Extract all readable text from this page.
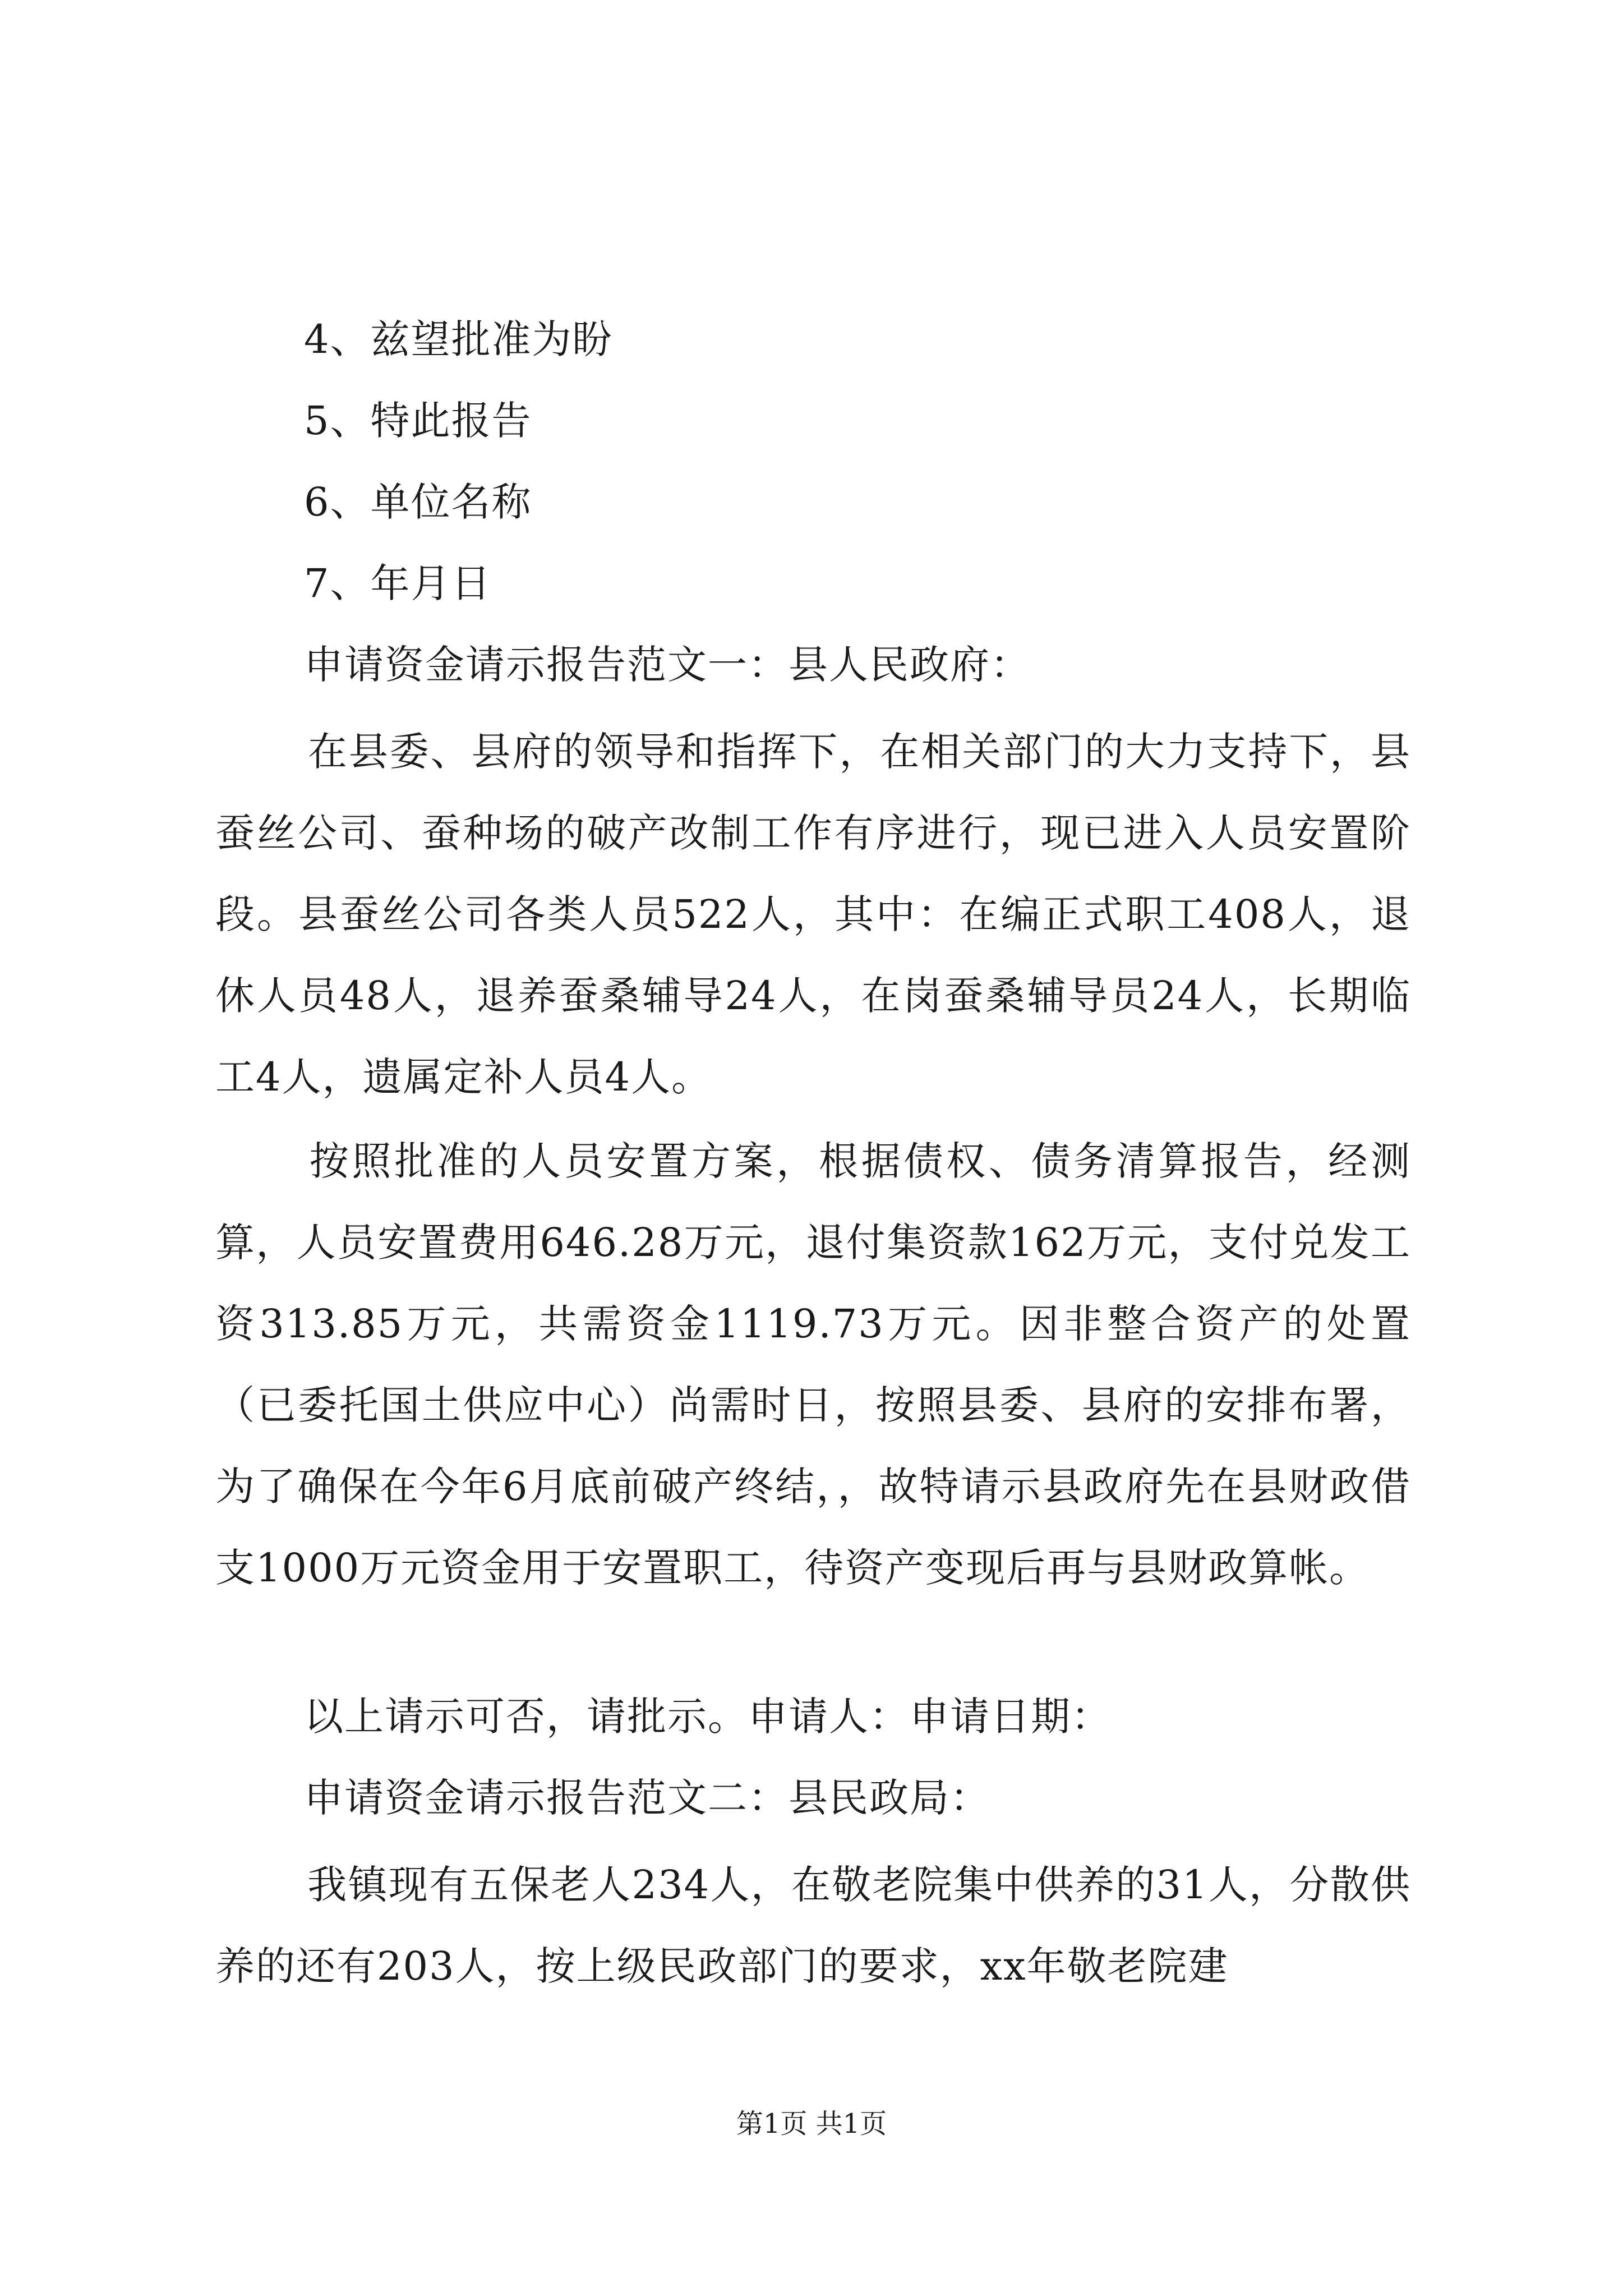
4、兹望批准为盼
5、特此报告
6、单位名称
7、年月日
申请资金请示报告范文一：县人民政府：
在县委、县府的领导和指挥下，在相关部门的大力支持下，县蚕丝公司、蚕种场的破产改制工作有序进行，现已进入人员安置阶段。县蚕丝公司各类人员522人，其中：在编正式职工408人，退休人员48人，退养蚕桑辅导24人，在岗蚕桑辅导员24人，长期临工4人，遗属定补人员4人。
按照批准的人员安置方案，根据债权、债务清算报告，经测算，人员安置费用646.28万元，退付集资款162万元，支付兑发工资313.85万元，共需资金1119.73万元。因非整合资产的处置（已委托国土供应中心）尚需时日，按照县委、县府的安排布署，为了确保在今年6月底前破产终结，，故特请示县政府先在县财政借支1000万元资金用于安置职工，待资产变现后再与县财政算帐。
以上请示可否，请批示。申请人：申请日期：
申请资金请示报告范文二：县民政局：
我镇现有五保老人234人，在敬老院集中供养的31人，分散供养的还有203人，按上级民政部门的要求，xx年敬老院建
第1页 共1页
